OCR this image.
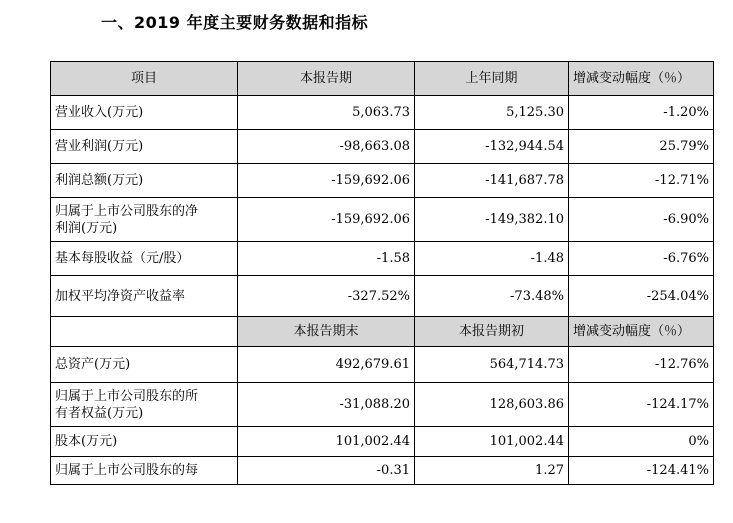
一、2019 年度主要财务数据和指标
项目	本报告期	上年同期	增减变动幅度（％）
营业收入(万元)	5,063.73	5,125.30	-1.20%
营业利润(万元)	-98,663.08	-132,944.54	25.79%
利润总额(万元)	-159,692.06	-141,687.78	-12.71%
归属于上市公司股东的净
利润(万元)	-159,692.06	-149,382.10	-6.90%
基本每股收益（元/股）	-1.58	-1.48	-6.76%
加权平均净资产收益率	-327.52%	-73.48%	-254.04%
	本报告期末	本报告期初	增减变动幅度（％）
总资产(万元)	492,679.61	564,714.73	-12.76%
归属于上市公司股东的所
有者权益(万元)	-31,088.20	128,603.86	-124.17%
股本(万元)	101,002.44	101,002.44	0%
归属于上市公司股东的每	-0.31	1.27	-124.41%
